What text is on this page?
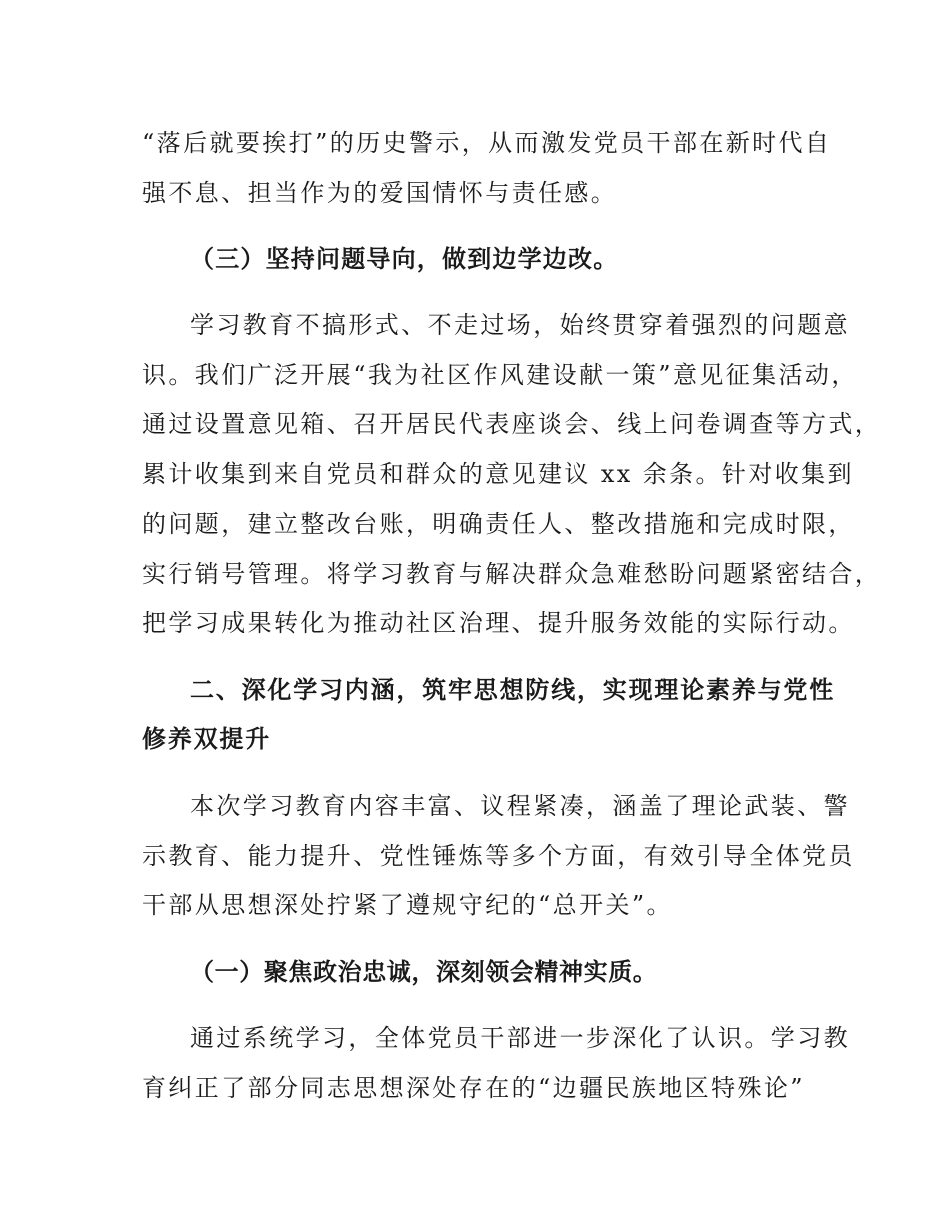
“落后就要挨打”的历史警示，从而激发党员干部在新时代自

强不息、担当作为的爱国情怀与责任感。

（三）坚持问题导向，做到边学边改。

学习教育不搞形式、不走过场，始终贯穿着强烈的问题意

识。我们广泛开展“我为社区作风建设献一策”意见征集活动，

通过设置意见箱、召开居民代表座谈会、线上问卷调查等方式，

累计收集到来自党员和群众的意见建议 xx 余条。针对收集到

的问题，建立整改台账，明确责任人、整改措施和完成时限，

实行销号管理。将学习教育与解决群众急难愁盼问题紧密结合，

把学习成果转化为推动社区治理、提升服务效能的实际行动。

二、深化学习内涵，筑牢思想防线，实现理论素养与党性

修养双提升

本次学习教育内容丰富、议程紧凑，涵盖了理论武装、警

示教育、能力提升、党性锤炼等多个方面，有效引导全体党员

干部从思想深处拧紧了遵规守纪的“总开关”。

（一）聚焦政治忠诚，深刻领会精神实质。

通过系统学习，全体党员干部进一步深化了认识。学习教

育纠正了部分同志思想深处存在的“边疆民族地区特殊论”
